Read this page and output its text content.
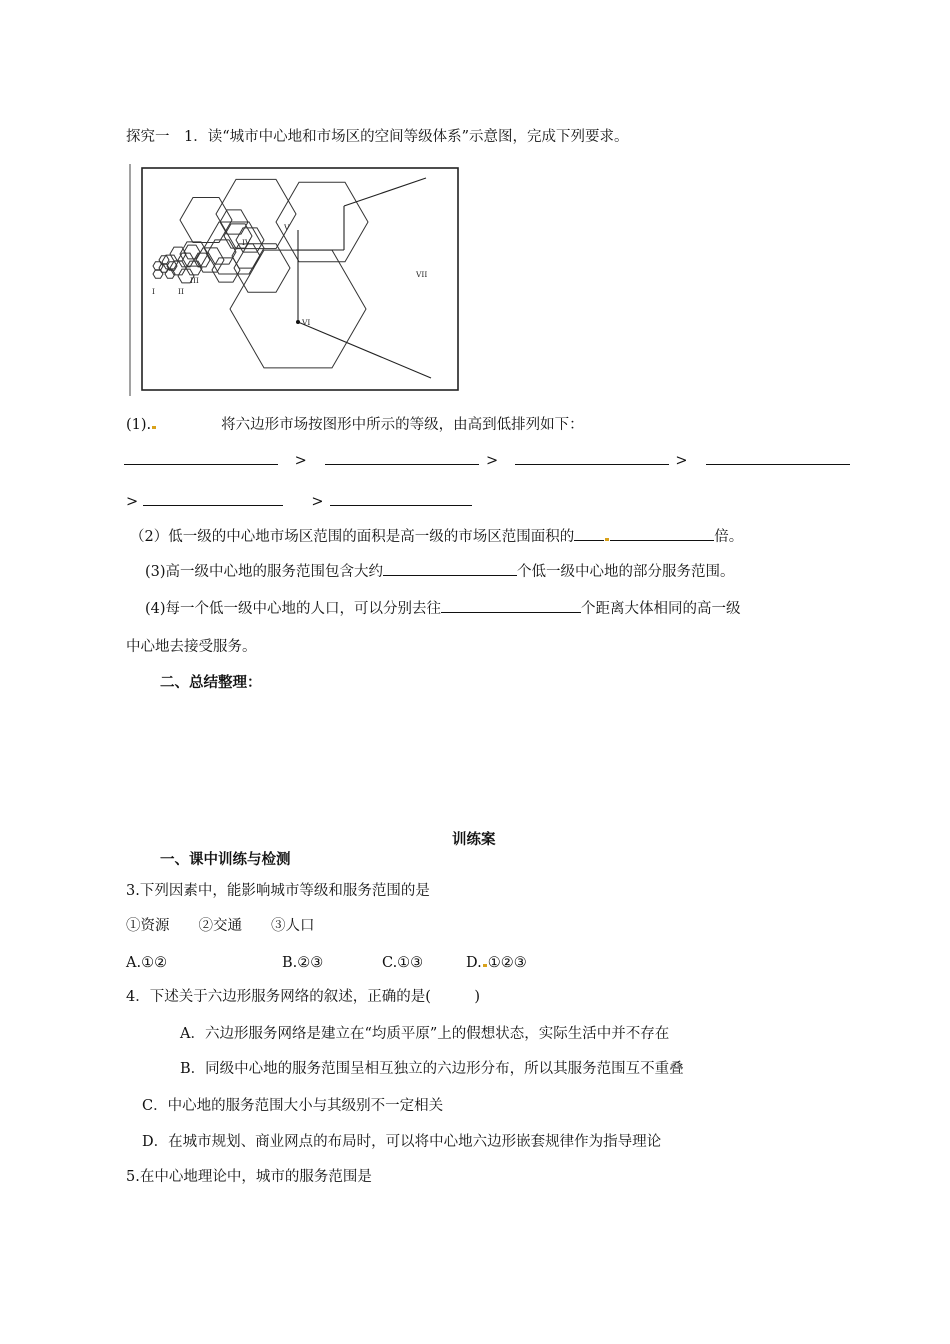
探究一　1．读“城市中心地和市场区的空间等级体系”示意图，完成下列要求。
I	II
III
IV
V
VI
VII
(1).	将六边形市场按图形中所示的等级，由高到低排列如下：
>	>	>
>	>
（2）低一级的中心地市场区范围的面积是高一级的市场区范围面积的	倍。
(3)高一级中心地的服务范围包含大约	个低一级中心地的部分服务范围。
(4)每一个低一级中心地的人口，可以分别去往	个距离大体相同的高一级
中心地去接受服务。
二、总结整理：
训练案
一、课中训练与检测
3.下列因素中，能影响城市等级和服务范围的是
①资源　　②交通　　③人口
A.①②	B.②③	C.①③	D. ①②③
4．下述关于六边形服务网络的叙述，正确的是(　　　)
A．六边形服务网络是建立在“均质平原”上的假想状态，实际生活中并不存在
B．同级中心地的服务范围呈相互独立的六边形分布，所以其服务范围互不重叠
C．中心地的服务范围大小与其级别不一定相关
D．在城市规划、商业网点的布局时，可以将中心地六边形嵌套规律作为指导理论
5.在中心地理论中，城市的服务范围是
